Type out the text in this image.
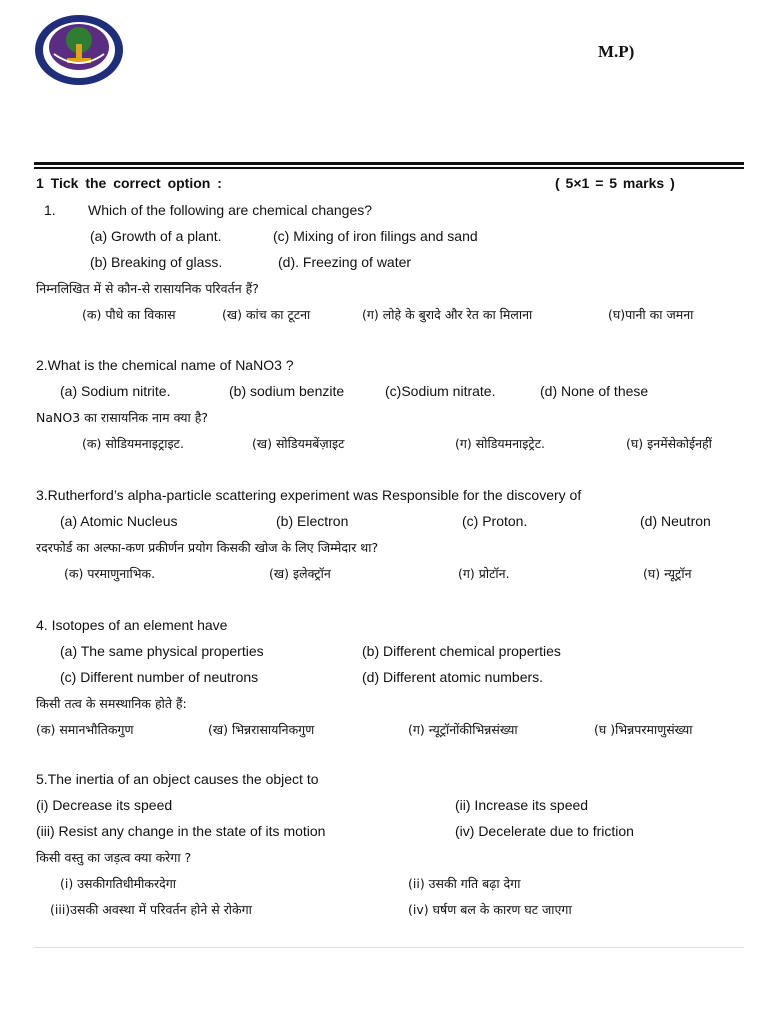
M.P)
1 Tick the correct option :	( 5×1 = 5 marks )
1. Which of the following are chemical changes?
(a) Growth of a plant.	(c) Mixing of iron filings and sand
(b) Breaking of glass.	(d). Freezing of water
निम्नलिखित में से कौन-से रासायनिक परिवर्तन हैं?
(क) पौधे का विकास	(ख) कांच का टूटना	(ग) लोहे के बुरादे और रेत का मिलाना	(घ)पानी का जमना
2.What is the chemical name of NaNO3 ?
(a) Sodium nitrite.	(b) sodium benzite	(c)Sodium nitrate.	(d) None of these
NaNO3 का रासायनिक नाम क्या है?
(क) सोडियमनाइट्राइट.	(ख) सोडियमबेंज़ाइट	(ग) सोडियमनाइट्रेट.	(घ) इनमेंसेकोईनहीं
3.Rutherford’s alpha-particle scattering experiment was Responsible for the discovery of
(a) Atomic Nucleus	(b) Electron	(c) Proton.	(d) Neutron
रदरफोर्ड का अल्फा-कण प्रकीर्णन प्रयोग किसकी खोज के लिए जिम्मेदार था?
(क) परमाणुनाभिक.	(ख) इलेक्ट्रॉन	(ग) प्रोटॉन.	(घ) न्यूट्रॉन
4. Isotopes of an element have
(a) The same physical properties	(b) Different chemical properties
(c) Different number of neutrons	(d) Different atomic numbers.
किसी तत्व के समस्थानिक होते हैं:
(क) समानभौतिकगुण	(ख) भिन्नरासायनिकगुण	(ग) न्यूट्रॉनोंकीभिन्नसंख्या	(घ )भिन्नपरमाणुसंख्या
5.The inertia of an object causes the object to
(i) Decrease its speed	(ii) Increase its speed
(iii) Resist any change in the state of its motion	(iv) Decelerate due to friction
किसी वस्तु का जड़त्व क्या करेगा ?
(i) उसकीगतिधीमीकरदेगा	(ii) उसकी गति बढ़ा देगा
(iii)उसकी अवस्था में परिवर्तन होने से रोकेगा	(iv) घर्षण बल के कारण घट जाएगा
